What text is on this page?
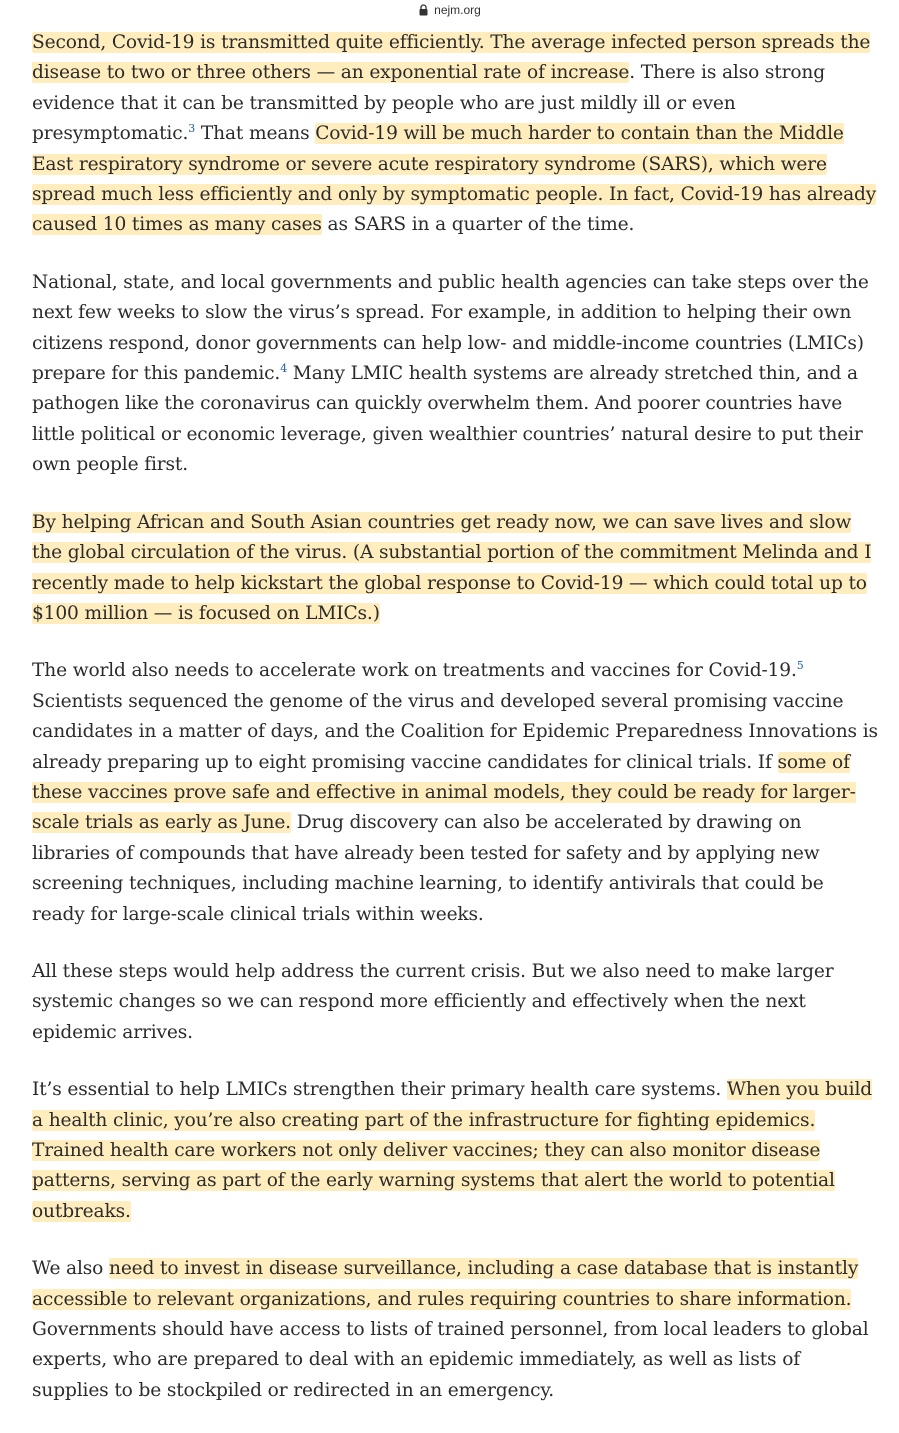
nejm.org

Second, Covid-19 is transmitted quite efficiently. The average infected person spreads the disease to two or three others — an exponential rate of increase. There is also strong evidence that it can be transmitted by people who are just mildly ill or even presymptomatic.$^3$ That means Covid-19 will be much harder to contain than the Middle East respiratory syndrome or severe acute respiratory syndrome (SARS), which were spread much less efficiently and only by symptomatic people. In fact, Covid-19 has already caused 10 times as many cases as SARS in a quarter of the time.

National, state, and local governments and public health agencies can take steps over the next few weeks to slow the virus’s spread. For example, in addition to helping their own citizens respond, donor governments can help low- and middle-income countries (LMICs) prepare for this pandemic.$^4$ Many LMIC health systems are already stretched thin, and a pathogen like the coronavirus can quickly overwhelm them. And poorer countries have little political or economic leverage, given wealthier countries’ natural desire to put their own people first.

By helping African and South Asian countries get ready now, we can save lives and slow the global circulation of the virus. (A substantial portion of the commitment Melinda and I recently made to help kickstart the global response to Covid-19 — which could total up to $100 million — is focused on LMICs.)

The world also needs to accelerate work on treatments and vaccines for Covid-19.$^5$ Scientists sequenced the genome of the virus and developed several promising vaccine candidates in a matter of days, and the Coalition for Epidemic Preparedness Innovations is already preparing up to eight promising vaccine candidates for clinical trials. If some of these vaccines prove safe and effective in animal models, they could be ready for larger-scale trials as early as June. Drug discovery can also be accelerated by drawing on libraries of compounds that have already been tested for safety and by applying new screening techniques, including machine learning, to identify antivirals that could be ready for large-scale clinical trials within weeks.

All these steps would help address the current crisis. But we also need to make larger systemic changes so we can respond more efficiently and effectively when the next epidemic arrives.

It’s essential to help LMICs strengthen their primary health care systems. When you build a health clinic, you’re also creating part of the infrastructure for fighting epidemics. Trained health care workers not only deliver vaccines; they can also monitor disease patterns, serving as part of the early warning systems that alert the world to potential outbreaks.

We also need to invest in disease surveillance, including a case database that is instantly accessible to relevant organizations, and rules requiring countries to share information. Governments should have access to lists of trained personnel, from local leaders to global experts, who are prepared to deal with an epidemic immediately, as well as lists of supplies to be stockpiled or redirected in an emergency.
